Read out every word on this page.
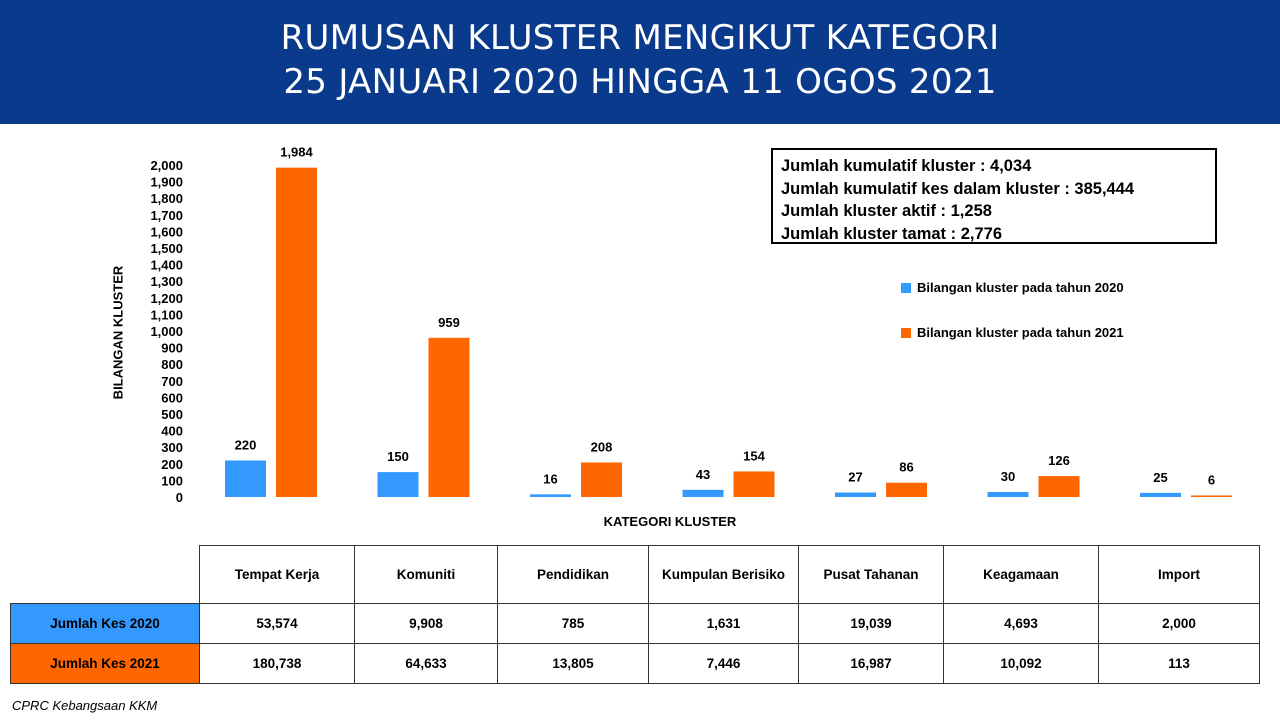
RUMUSAN KLUSTER MENGIKUT KATEGORI
25 JANUARI 2020 HINGGA 11 OGOS 2021
0
100
200
300
400
500
600
700
800
900
1,000
1,100
1,200
1,300
1,400
1,500
1,600
1,700
1,800
1,900
2,000
220
1,984
150
959
16
208
43
154
27
86
30
126
25	6
BILANGAN KLUSTER
KATEGORI KLUSTER
Jumlah kumulatif kluster : 4,034
Jumlah kumulatif kes dalam kluster : 385,444
Jumlah kluster aktif : 1,258
Jumlah kluster tamat : 2,776
Bilangan kluster pada tahun 2020
Bilangan kluster pada tahun 2021
	Tempat Kerja	Komuniti	Pendidikan	Kumpulan Berisiko	Pusat Tahanan	Keagamaan	Import
Jumlah Kes 2020	53,574	9,908	785	1,631	19,039	4,693	2,000
Jumlah Kes 2021	180,738	64,633	13,805	7,446	16,987	10,092	113
CPRC Kebangsaan KKM
